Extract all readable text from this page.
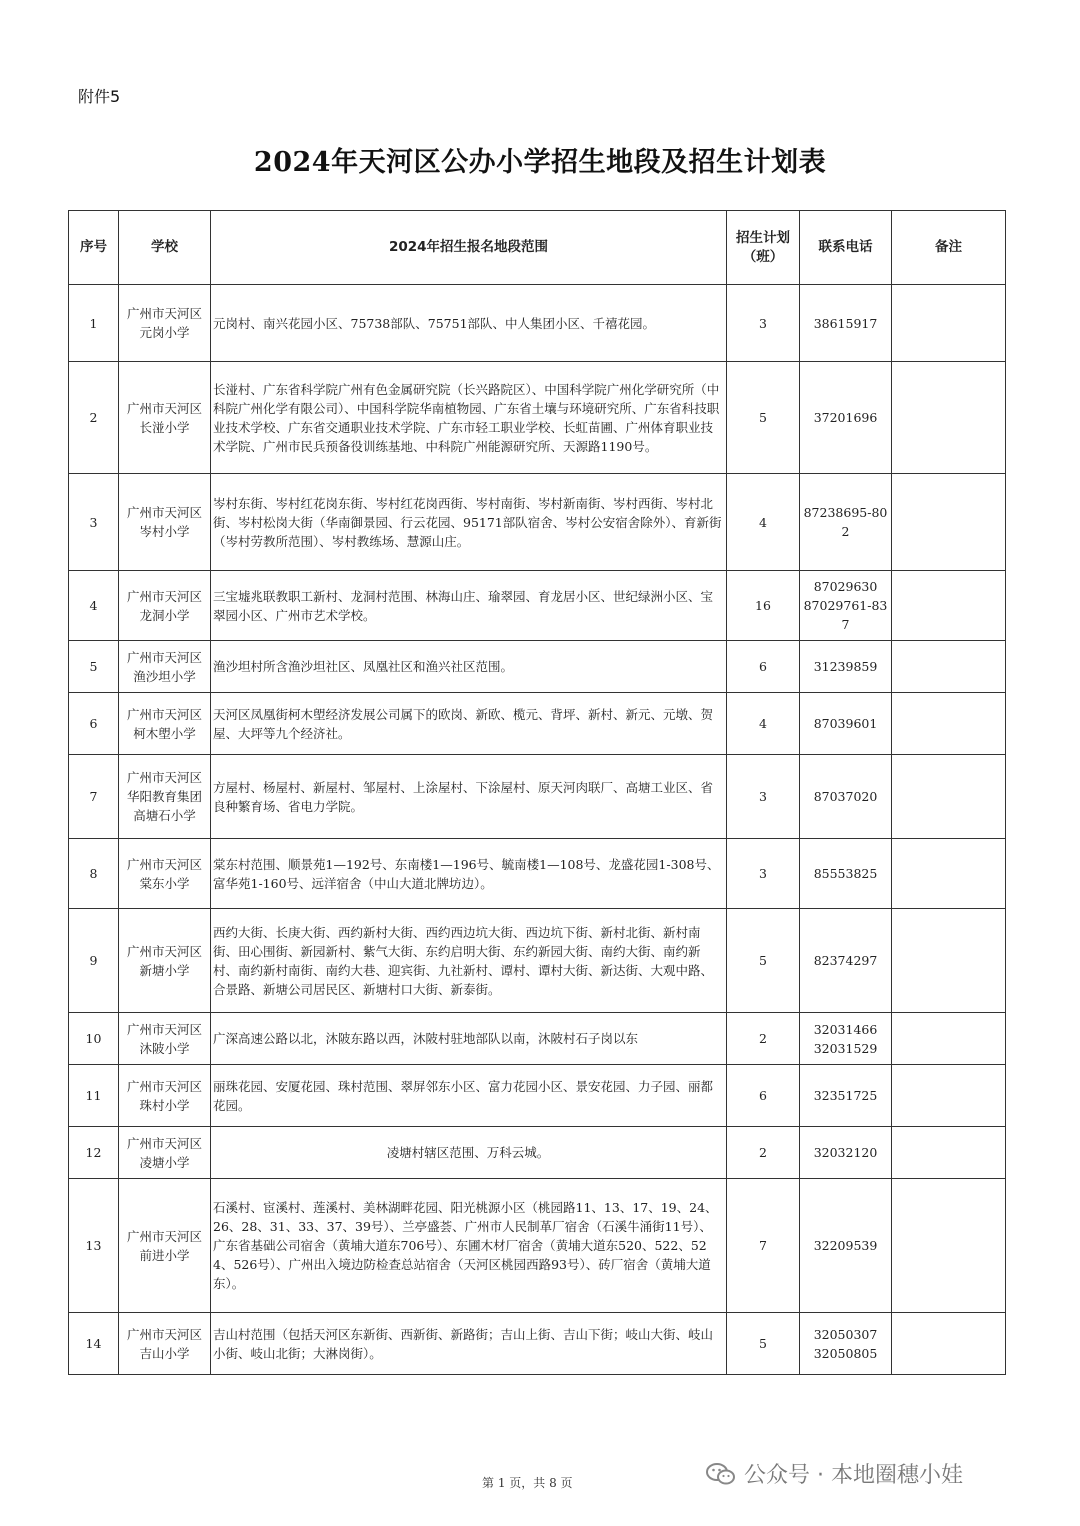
附件5
2024年天河区公办小学招生地段及招生计划表
序号	学校	2024年招生报名地段范围	招生计划（班）	联系电话	备注
1	广州市天河区元岗小学	元岗村、南兴花园小区、75738部队、75751部队、中人集团小区、千禧花园。	3	38615917	

2	广州市天河区长湴小学	长湴村、广东省科学院广州有色金属研究院（长兴路院区）、中国科学院广州化学研究所（中科院广州化学有限公司）、中国科学院华南植物园、广东省土壤与环境研究所、广东省科技职业技术学校、广东省交通职业技术学院、广东市轻工职业学校、长虹苗圃、广州体育职业技术学院、广州市民兵预备役训练基地、中科院广州能源研究所、天源路1190号。	5	37201696	

3	广州市天河区岑村小学	岑村东街、岑村红花岗东街、岑村红花岗西街、岑村南街、岑村新南街、岑村西街、岑村北街、岑村松岗大街（华南御景园、行云花园、95171部队宿舍、岑村公安宿舍除外）、育新街（岑村劳教所范围）、岑村教练场、慧源山庄。	4	87238695-802	

4	广州市天河区龙洞小学	三宝墟兆联教职工新村、龙洞村范围、林海山庄、瑜翠园、育龙居小区、世纪绿洲小区、宝翠园小区、广州市艺术学校。	16	87029630
87029761-837	

5	广州市天河区渔沙坦小学	渔沙坦村所含渔沙坦社区、凤凰社区和渔兴社区范围。	6	31239859	

6	广州市天河区柯木塱小学	天河区凤凰街柯木塱经济发展公司属下的欧岗、新欧、榄元、背坪、新村、新元、元墩、贺屋、大坪等九个经济社。	4	87039601	

7	广州市天河区华阳教育集团高塘石小学	方屋村、杨屋村、新屋村、邹屋村、上涂屋村、下涂屋村、原天河肉联厂、高塘工业区、省良种繁育场、省电力学院。	3	87037020	

8	广州市天河区棠东小学	棠东村范围、顺景苑1—192号、东南楼1—196号、毓南楼1—108号、龙盛花园1-308号、富华苑1-160号、远洋宿舍（中山大道北牌坊边）。	3	85553825	

9	广州市天河区新塘小学	西约大街、长庚大街、西约新村大街、西约西边坑大街、西边坑下街、新村北街、新村南街、田心围街、新园新村、紫气大街、东约启明大街、东约新园大街、南约大街、南约新村、南约新村南街、南约大巷、迎宾街、九社新村、谭村、谭村大街、新达街、大观中路、合景路、新塘公司居民区、新塘村口大街、新泰街。	5	82374297	

10	广州市天河区沐陂小学	广深高速公路以北，沐陂东路以西，沐陂村驻地部队以南，沐陂村石子岗以东	2	32031466
32031529	

11	广州市天河区珠村小学	丽珠花园、安厦花园、珠村范围、翠屏邻东小区、富力花园小区、景安花园、力子园、丽都花园。	6	32351725	

12	广州市天河区凌塘小学	凌塘村辖区范围、万科云城。	2	32032120	

13	广州市天河区前进小学	石溪村、宦溪村、莲溪村、美林湖畔花园、阳光桃源小区（桃园路11、13、17、19、24、26、28、31、33、37、39号）、兰亭盛荟、广州市人民制革厂宿舍（石溪牛涌街11号）、广东省基础公司宿舍（黄埔大道东706号）、东圃木材厂宿舍（黄埔大道东520、522、524、526号）、广州出入境边防检查总站宿舍（天河区桃园西路93号）、砖厂宿舍（黄埔大道东）。	7	32209539	

14	广州市天河区吉山小学	吉山村范围（包括天河区东新街、西新街、新路街；吉山上街、吉山下街；岐山大街、岐山小街、岐山北街；大淋岗街）。	5	32050307
32050805	

第 1 页，共 8 页	公众号 · 本地圈穗小娃
